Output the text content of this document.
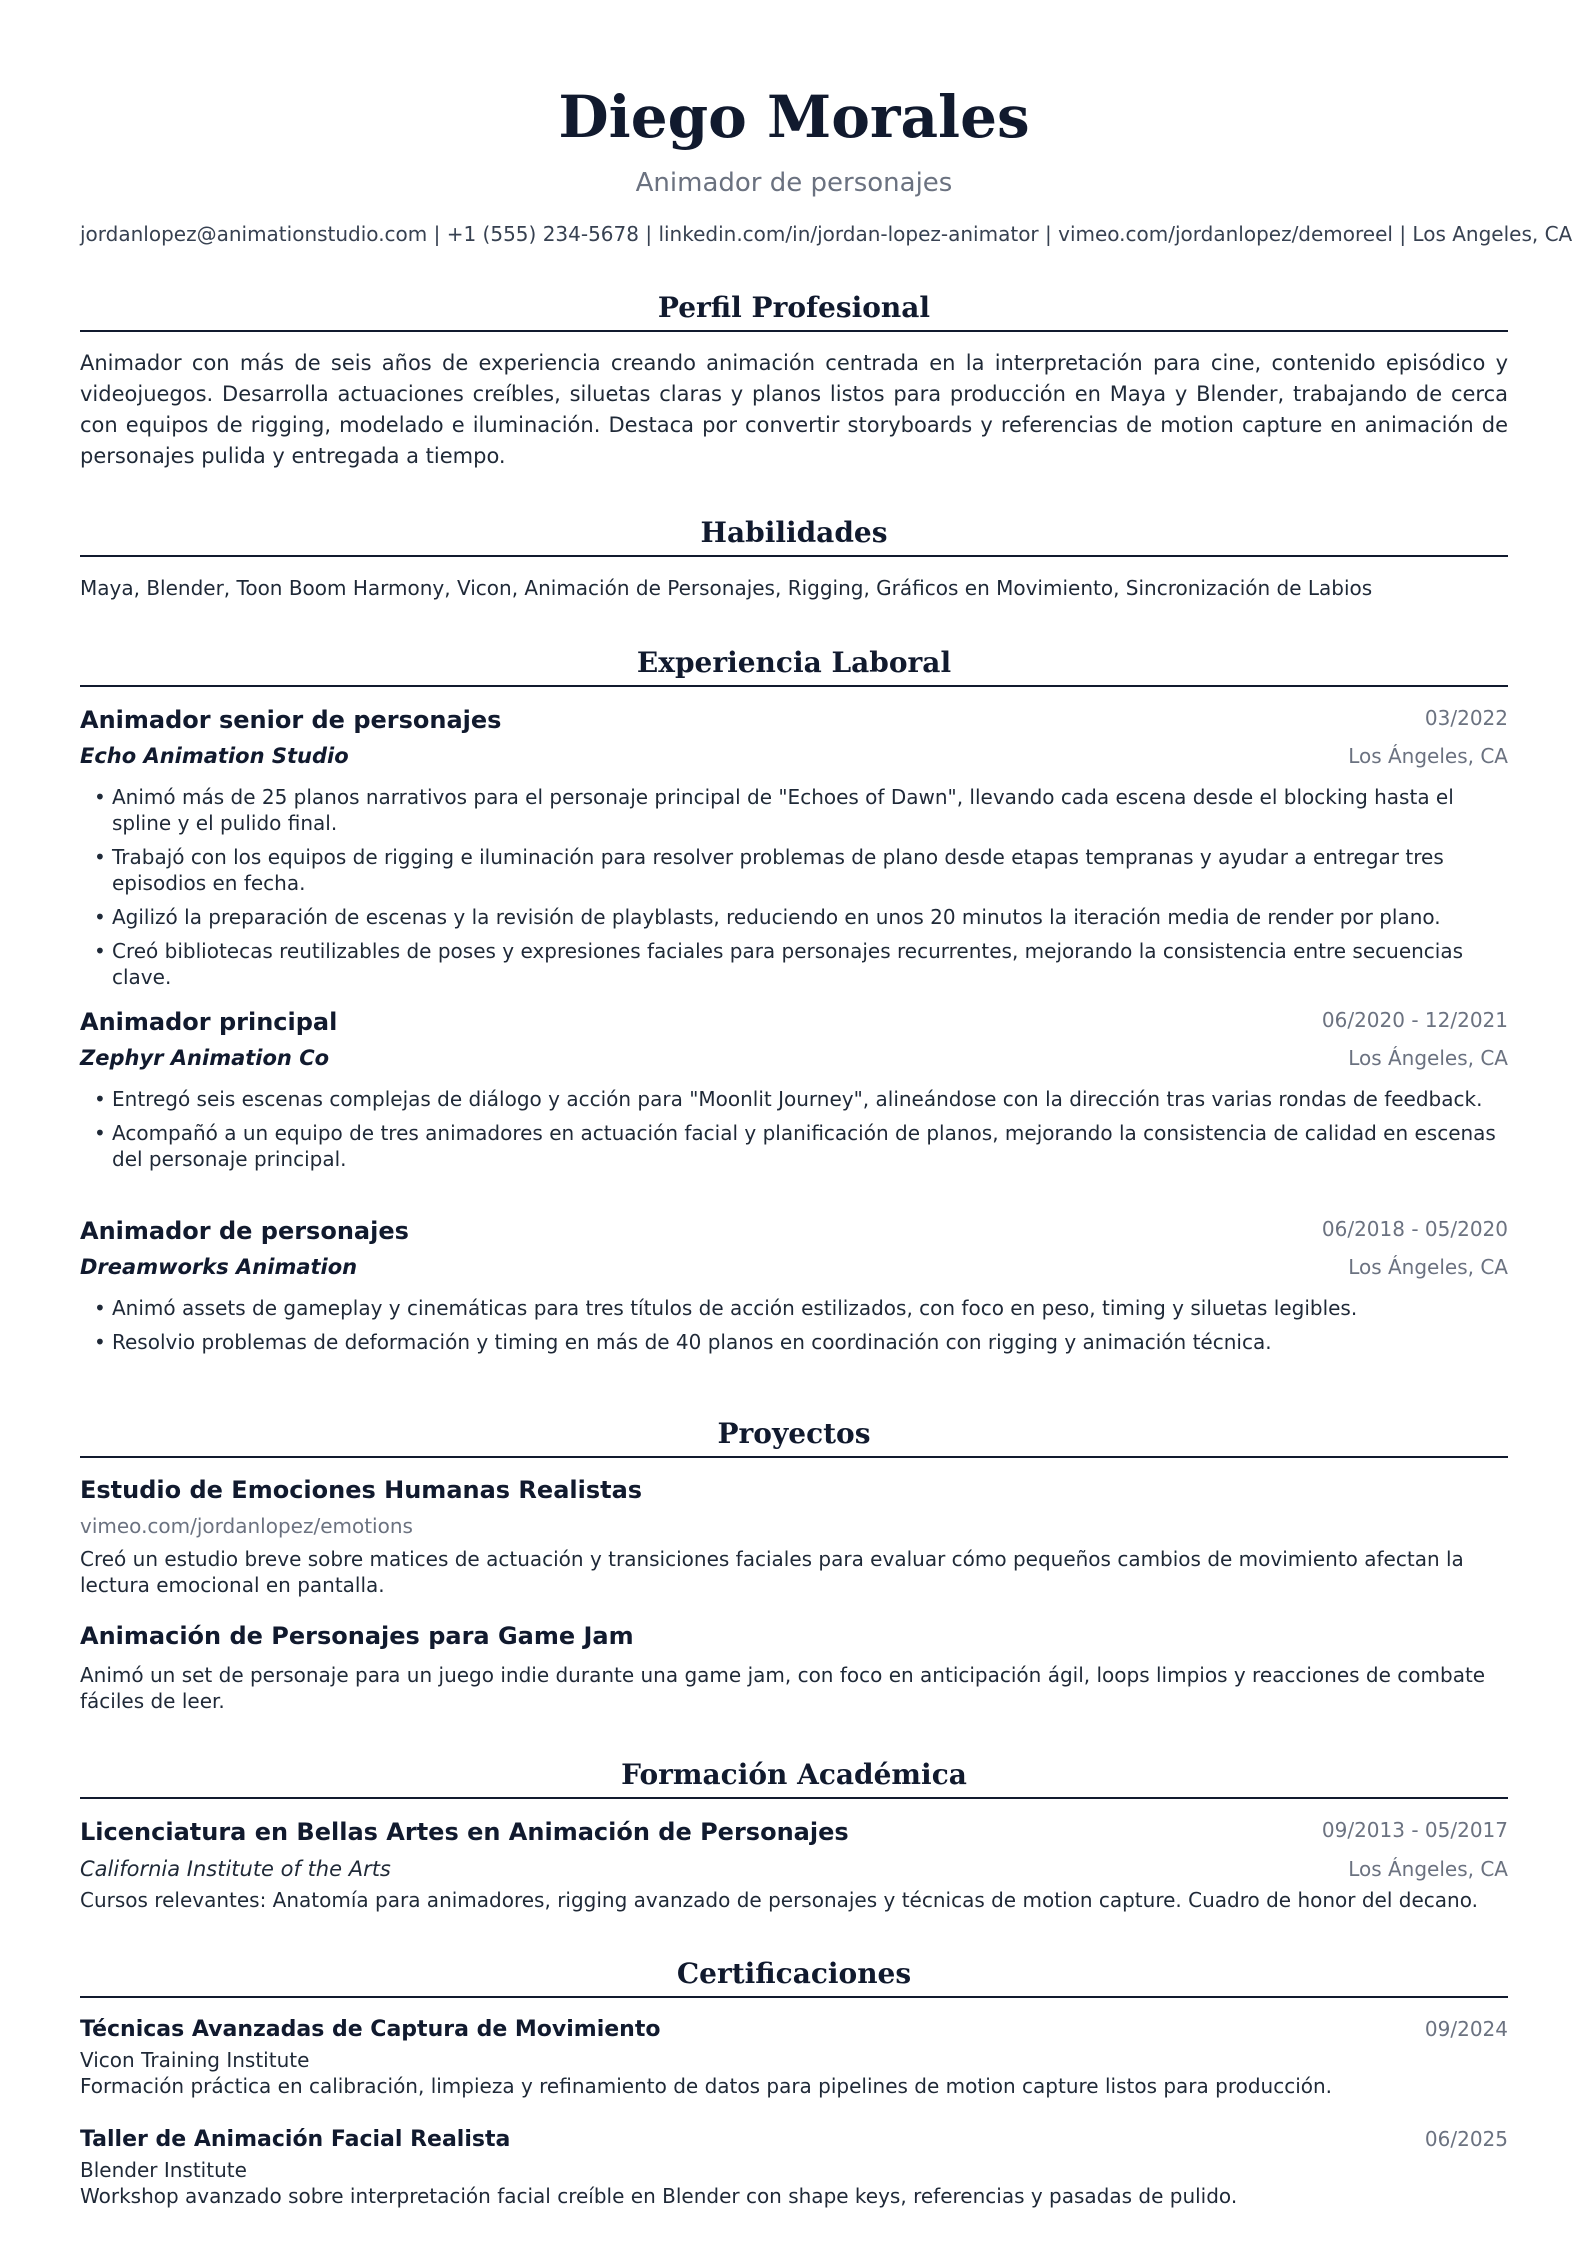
Diego Morales
Animador de personajes
jordanlopez@animationstudio.com | +1 (555) 234-5678 | linkedin.com/in/jordan-lopez-animator | vimeo.com/jordanlopez/demoreel | Los Angeles, CA
Perfil Profesional
Animador con más de seis años de experiencia creando animación centrada en la interpretación para cine, contenido episódico y videojuegos. Desarrolla actuaciones creíbles, siluetas claras y planos listos para producción en Maya y Blender, trabajando de cerca con equipos de rigging, modelado e iluminación. Destaca por convertir storyboards y referencias de motion capture en animación de personajes pulida y entregada a tiempo.
Habilidades
Maya, Blender, Toon Boom Harmony, Vicon, Animación de Personajes, Rigging, Gráficos en Movimiento, Sincronización de Labios
Experiencia Laboral
Animador senior de personajes	03/2022
Echo Animation Studio	Los Ángeles, CA
• Animó más de 25 planos narrativos para el personaje principal de "Echoes of Dawn", llevando cada escena desde el blocking hasta el spline y el pulido final.
• Trabajó con los equipos de rigging e iluminación para resolver problemas de plano desde etapas tempranas y ayudar a entregar tres episodios en fecha.
• Agilizó la preparación de escenas y la revisión de playblasts, reduciendo en unos 20 minutos la iteración media de render por plano.
• Creó bibliotecas reutilizables de poses y expresiones faciales para personajes recurrentes, mejorando la consistencia entre secuencias clave.
Animador principal	06/2020 - 12/2021
Zephyr Animation Co	Los Ángeles, CA
• Entregó seis escenas complejas de diálogo y acción para "Moonlit Journey", alineándose con la dirección tras varias rondas de feedback.
• Acompañó a un equipo de tres animadores en actuación facial y planificación de planos, mejorando la consistencia de calidad en escenas del personaje principal.
Animador de personajes	06/2018 - 05/2020
Dreamworks Animation	Los Ángeles, CA
• Animó assets de gameplay y cinemáticas para tres títulos de acción estilizados, con foco en peso, timing y siluetas legibles.
• Resolvio problemas de deformación y timing en más de 40 planos en coordinación con rigging y animación técnica.
Proyectos
Estudio de Emociones Humanas Realistas
vimeo.com/jordanlopez/emotions
Creó un estudio breve sobre matices de actuación y transiciones faciales para evaluar cómo pequeños cambios de movimiento afectan la lectura emocional en pantalla.
Animación de Personajes para Game Jam
Animó un set de personaje para un juego indie durante una game jam, con foco en anticipación ágil, loops limpios y reacciones de combate fáciles de leer.
Formación Académica
Licenciatura en Bellas Artes en Animación de Personajes	09/2013 - 05/2017
California Institute of the Arts	Los Ángeles, CA
Cursos relevantes: Anatomía para animadores, rigging avanzado de personajes y técnicas de motion capture. Cuadro de honor del decano.
Certificaciones
Técnicas Avanzadas de Captura de Movimiento	09/2024
Vicon Training Institute
Formación práctica en calibración, limpieza y refinamiento de datos para pipelines de motion capture listos para producción.
Taller de Animación Facial Realista	06/2025
Blender Institute
Workshop avanzado sobre interpretación facial creíble en Blender con shape keys, referencias y pasadas de pulido.
